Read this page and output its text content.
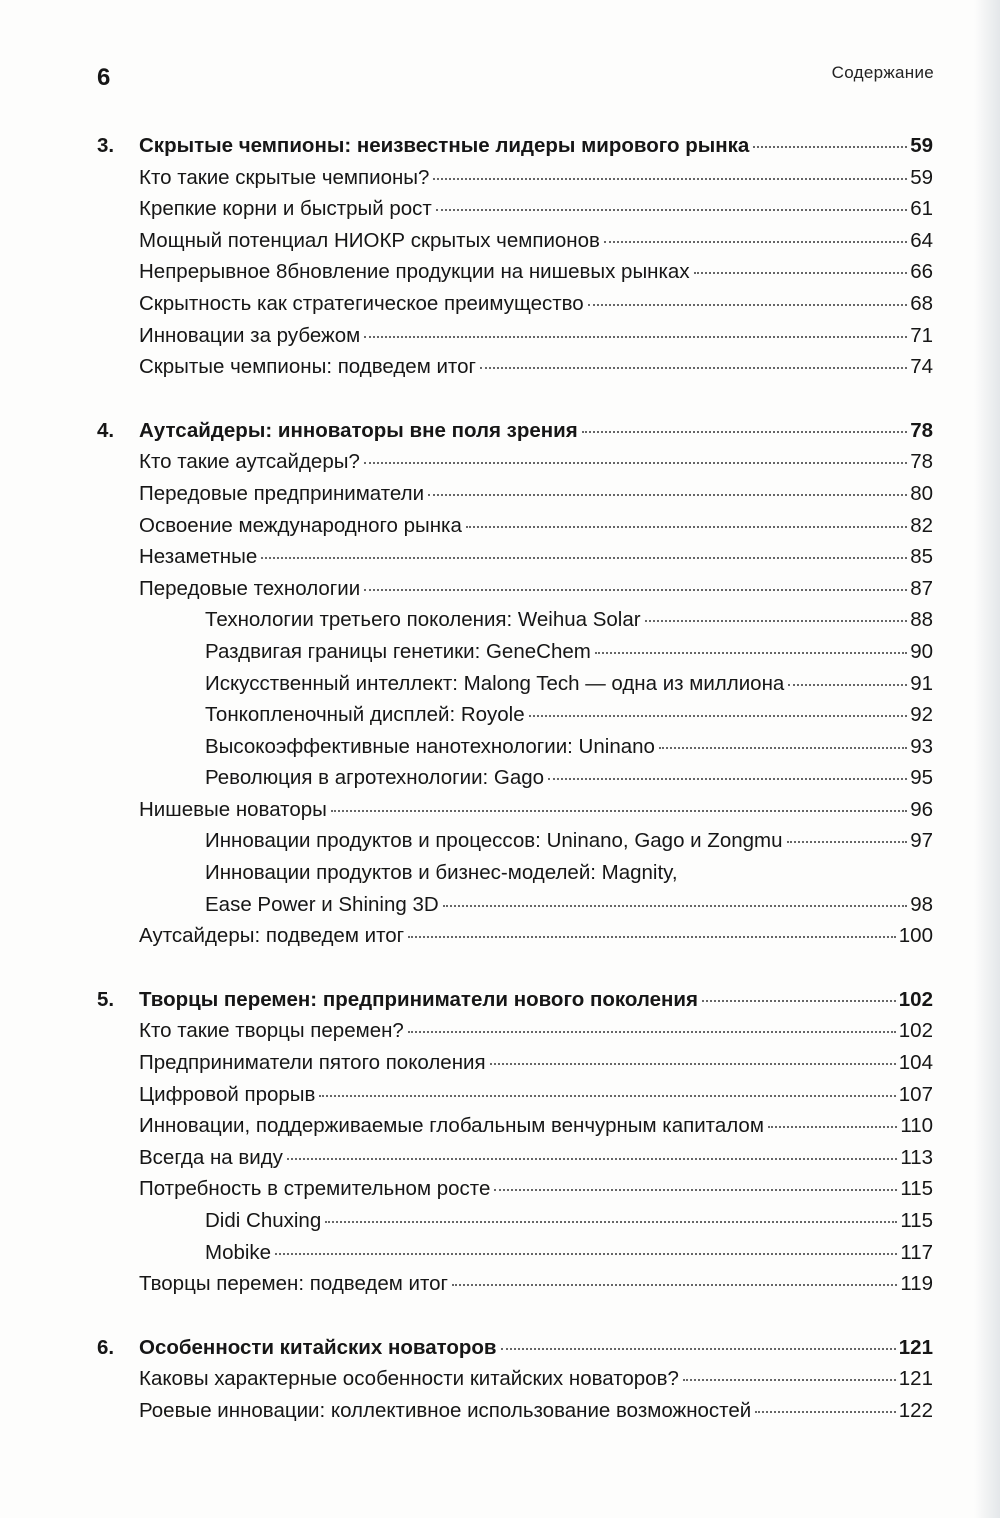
6	Содержание
3.	Скрытые чемпионы: неизвестные лидеры мирового рынка	59
Кто такие скрытые чемпионы?	59
Крепкие корни и быстрый рост	61
Мощный потенциал НИОКР скрытых чемпионов	64
Непрерывное 8бновление продукции на нишевых рынках	66
Скрытность как стратегическое преимущество	68
Инновации за рубежом	71
Скрытые чемпионы: подведем итог	74
4.	Аутсайдеры: инноваторы вне поля зрения	78
Кто такие аутсайдеры?	78
Передовые предприниматели	80
Освоение международного рынка	82
Незаметные	85
Передовые технологии	87
Технологии третьего поколения: Weihua Solar	88
Раздвигая границы генетики: GeneChem	90
Искусственный интеллект: Malong Tech — одна из миллиона	91
Тонкопленочный дисплей: Royole	92
Высокоэффективные нанотехнологии: Uninano	93
Революция в агротехнологии: Gago	95
Нишевые новаторы	96
Инновации продуктов и процессов: Uninano, Gago и Zongmu	97
Инновации продуктов и бизнес-моделей: Magnity,
Ease Power и Shining 3D	98
Аутсайдеры: подведем итог	100
5.	Творцы перемен: предприниматели нового поколения	102
Кто такие творцы перемен?	102
Предприниматели пятого поколения	104
Цифровой прорыв	107
Инновации, поддерживаемые глобальным венчурным капиталом	110
Всегда на виду	113
Потребность в стремительном росте	115
Didi Chuxing	115
Mobike	117
Творцы перемен: подведем итог	119
6.	Особенности китайских новаторов	121
Каковы характерные особенности китайских новаторов?	121
Роевые инновации: коллективное использование возможностей	122
